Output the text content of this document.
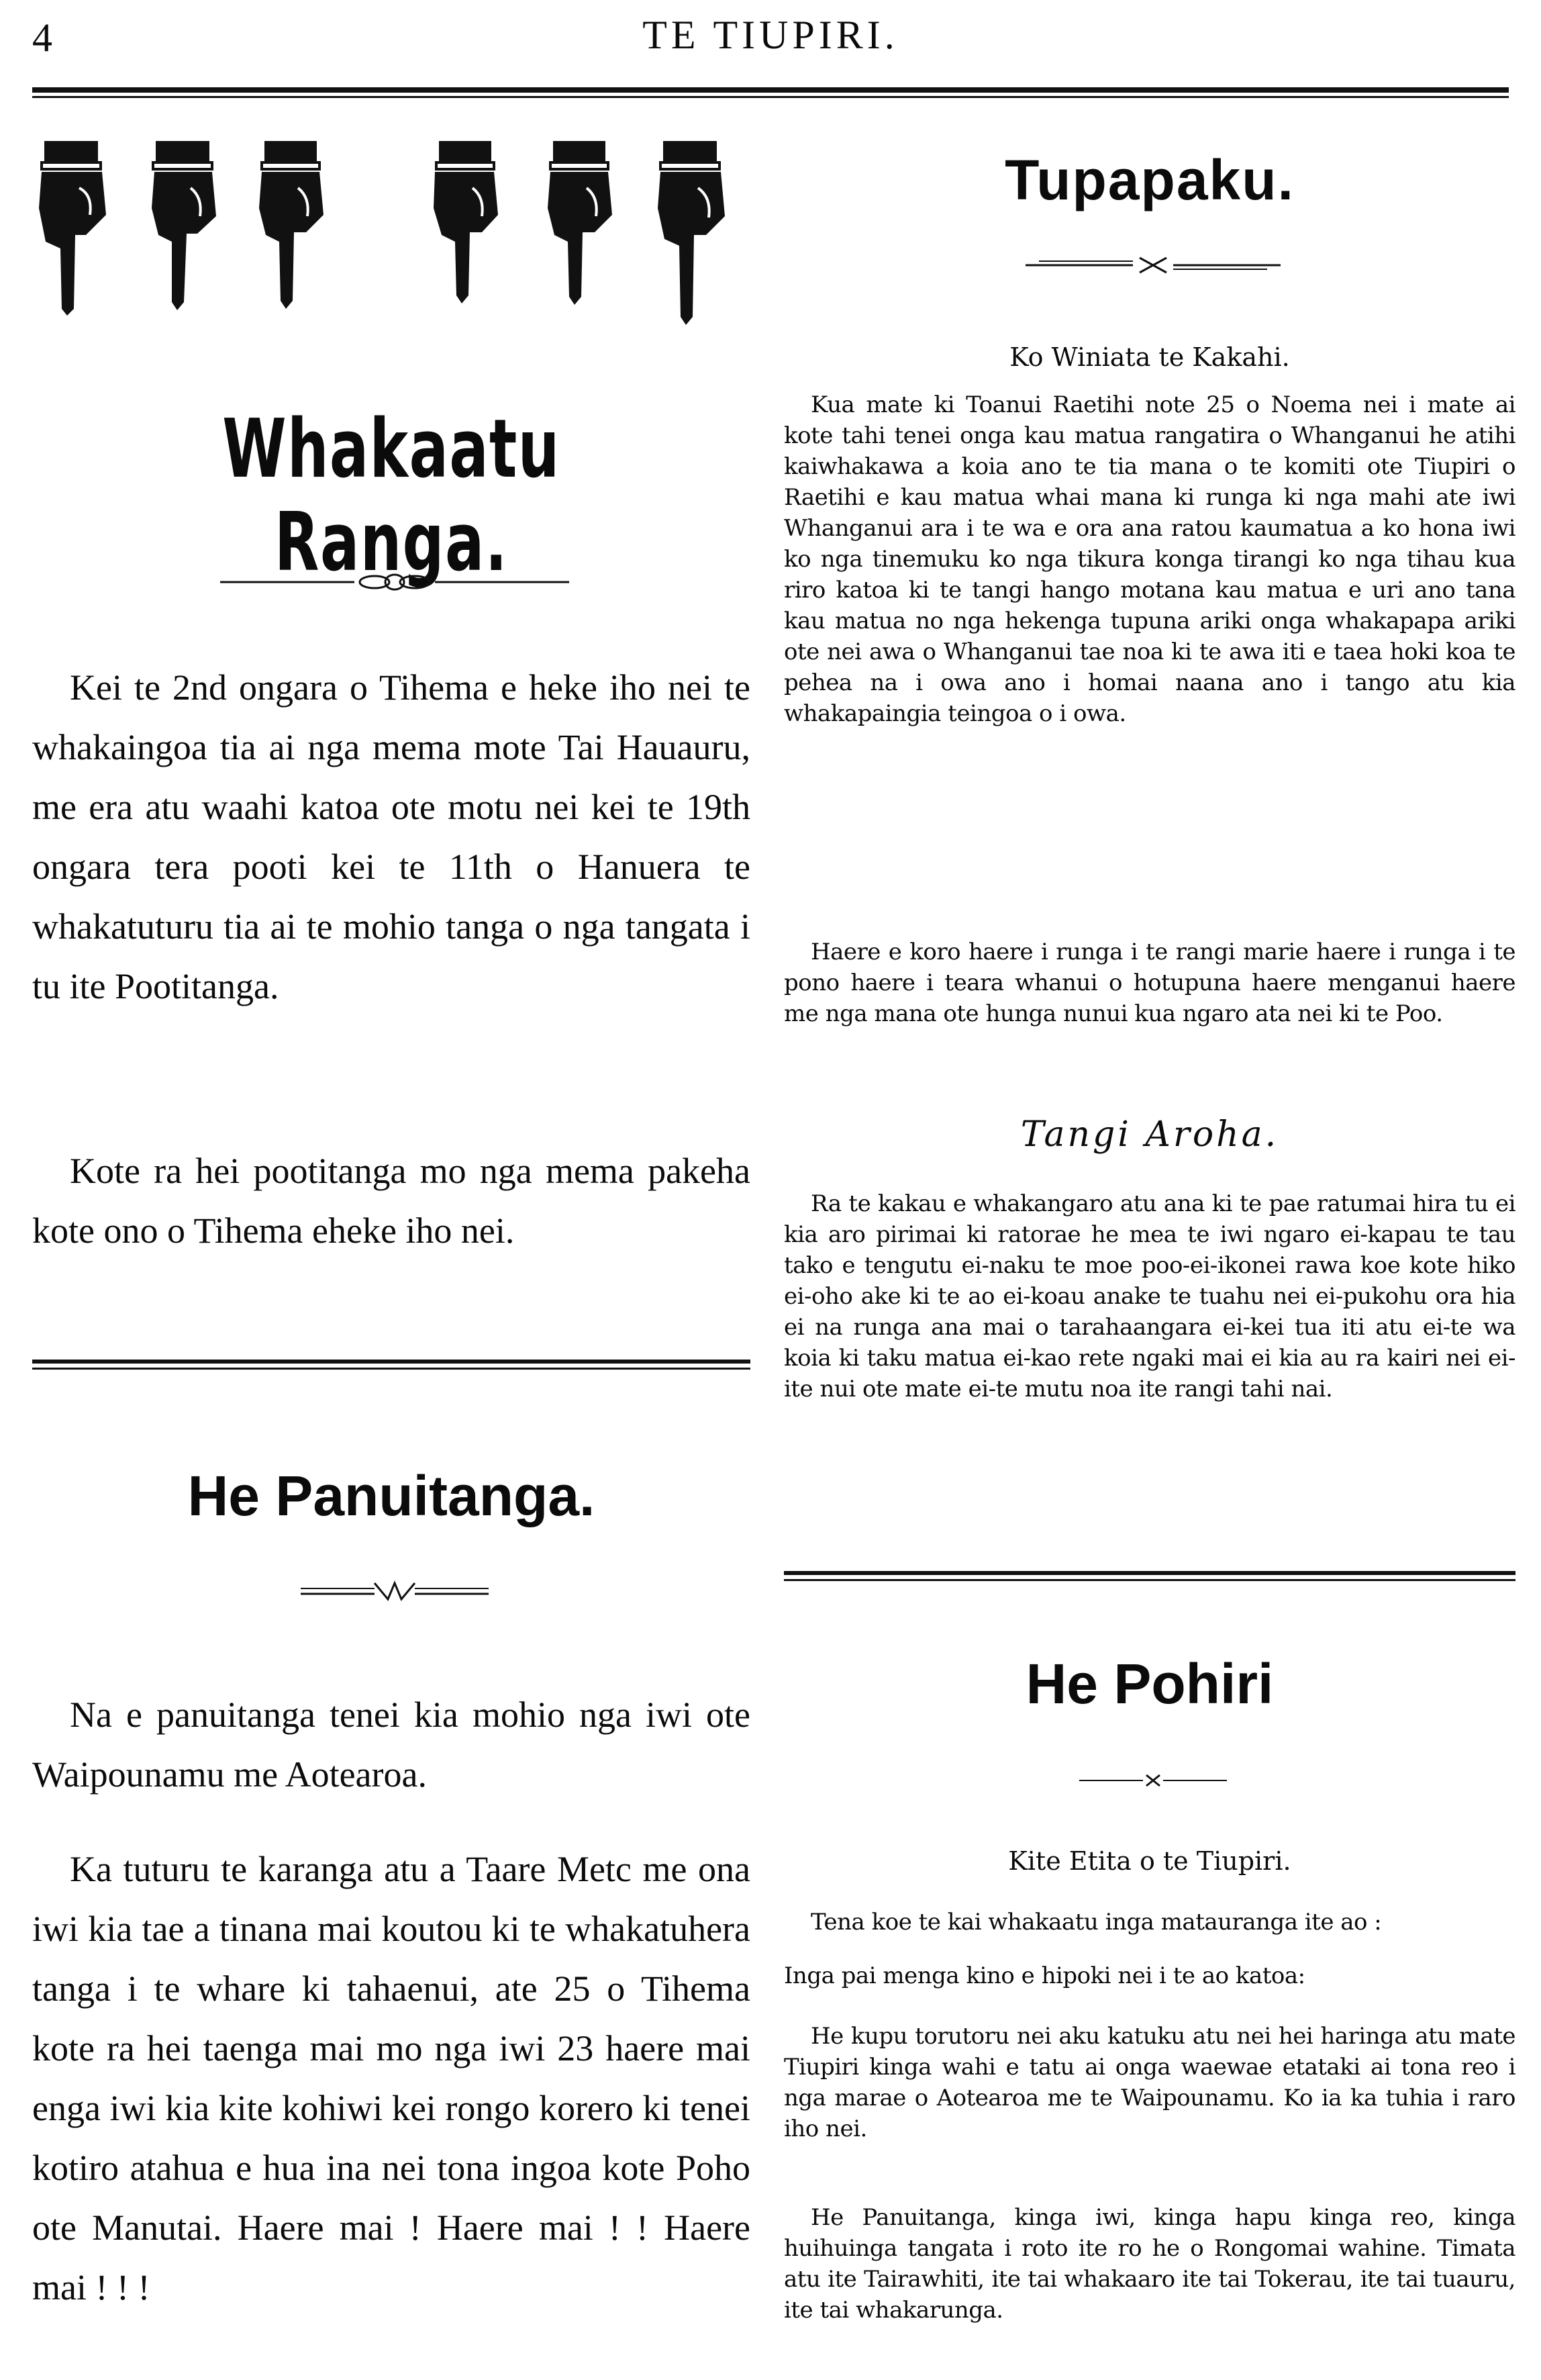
4	TE TIUPIRI.
Whakaatu Ranga.

Kei te 2nd ongara o Tihema e heke iho nei te whakaingoa tia ai nga mema mote Tai Hauauru, me era atu waahi katoa ote motu nei kei te 19th ongara tera pooti kei te 11th o Hanuera te whakatuturu tia ai te mohio tanga o nga tangata i tu ite Pootitanga.

Kote ra hei pootitanga mo nga mema pakeha kote ono o Tihema eheke iho nei.

He Panuitanga.

Na e panuitanga tenei kia mohio nga iwi ote Waipounamu me Aotearoa.

Ka tuturu te karanga atu a Taare Metc me ona iwi kia tae a tinana mai koutou ki te whakatuhera tanga i te whare ki tahaenui, ate 25 o Tihema kote ra hei taenga mai mo nga iwi 23 haere mai enga iwi kia kite kohiwi kei rongo korero ki tenei kotiro atahua e hua ina nei tona ingoa kote Poho ote Manutai. Haere mai ! Haere mai ! ! Haere mai ! ! !

Tupapaku.
Ko Winiata te Kakahi.

Kua mate ki Toanui Raetihi note 25 o Noema nei i mate ai kote tahi tenei onga kau matua rangatira o Whanganui he atihi kaiwhakawa a koia ano te tia mana o te komiti ote Tiupiri o Raetihi e kau matua whai mana ki runga ki nga mahi ate iwi Whanganui ara i te wa e ora ana ratou kaumatua a ko hona iwi ko nga tinemuku ko nga tikura konga tirangi ko nga tihau kua riro katoa ki te tangi hango motana kau matua e uri ano tana kau matua no nga hekenga tupuna ariki onga whakapapa ariki ote nei awa o Whanganui tae noa ki te awa iti e taea hoki koa te pehea na i owa ano i homai naana ano i tango atu kia whakapaingia teingoa o i owa.

Haere e koro haere i runga i te rangi marie haere i runga i te pono haere i teara whanui o hotupuna haere menganui haere me nga mana ote hunga nunui kua ngaro ata nei ki te Poo.

Tangi Aroha.

Ra te kakau e whakangaro atu ana ki te pae ratumai hira tu ei kia aro pirimai ki ratorae he mea te iwi ngaro ei-kapau te tau tako e tengutu ei-naku te moe poo-ei-ikonei rawa koe kote hiko ei-oho ake ki te ao ei-koau anake te tuahu nei ei-pukohu ora hia ei na runga ana mai o tarahaangara ei-kei tua iti atu ei-te wa koia ki taku matua ei-kao rete ngaki mai ei kia au ra kairi nei ei-ite nui ote mate ei-te mutu noa ite rangi tahi nai.

He Pohiri
Kite Etita o te Tiupiri.

Tena koe te kai whakaatu inga matauranga ite ao :

Inga pai menga kino e hipoki nei i te ao katoa:

He kupu torutoru nei aku katuku atu nei hei haringa atu mate Tiupiri kinga wahi e tatu ai onga waewae etataki ai tona reo i nga marae o Aotearoa me te Waipounamu. Ko ia ka tuhia i raro iho nei.

He Panuitanga, kinga iwi, kinga hapu kinga reo, kinga huihuinga tangata i roto ite ro he o Rongomai wahine. Timata atu ite Tairawhiti, ite tai whakaaro ite tai Tokerau, ite tai tuauru, ite tai whakarunga.
